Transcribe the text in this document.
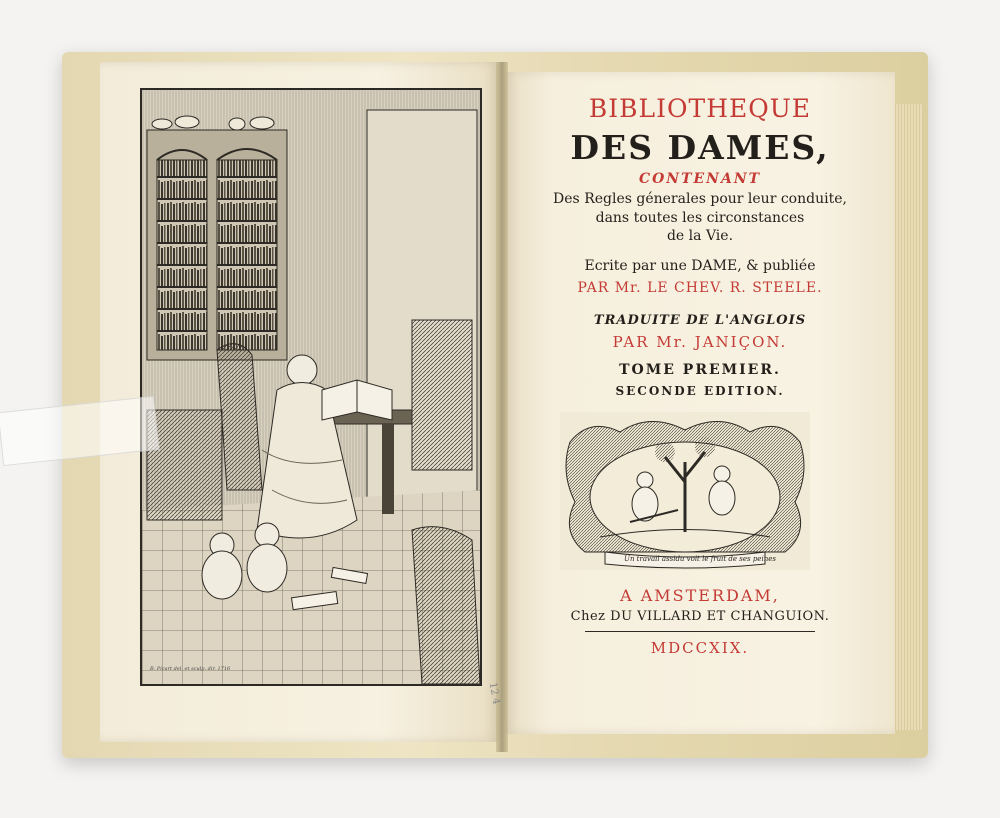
B. Picart del. et sculp. dir. 1716
12 4
BIBLIOTHEQUE
DES DAMES,
CONTENANT
Des Regles génerales pour leur conduite,
dans toutes les circonstances
de la Vie.
Ecrite par une DAME, & publiée
PAR Mr. LE CHEV. R. STEELE.
TRADUITE DE L'ANGLOIS
PAR Mr. JANIÇON.
TOME PREMIER.
SECONDE EDITION.
Un travail assidu voit le fruit de ses peines
A AMSTERDAM,
Chez DU VILLARD ET CHANGUION.
MDCCXIX.
